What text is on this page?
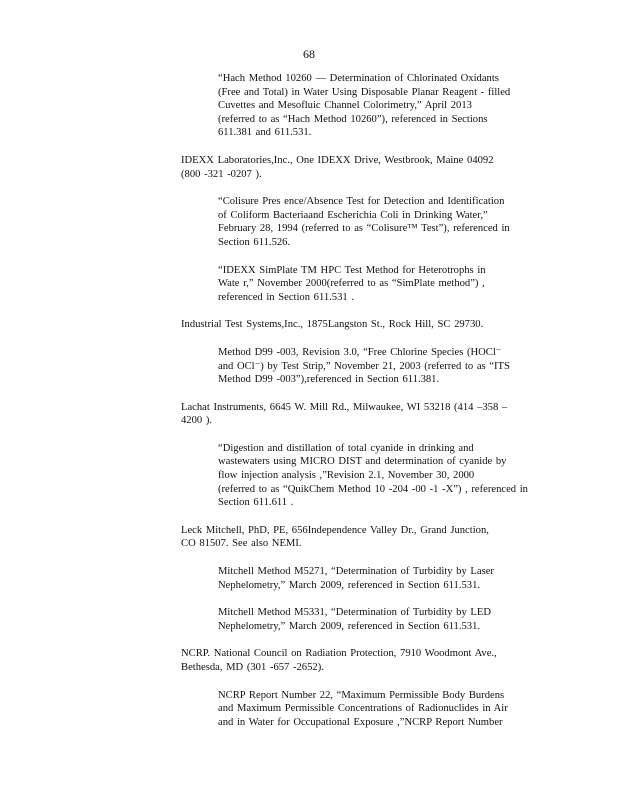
68

“Hach Method 10260 — Determination of Chlorinated Oxidants
(Free and Total) in Water Using Disposable Planar Reagent - filled
Cuvettes and Mesofluic Channel Colorimetry,” April 2013
(referred to as “Hach Method 10260”), referenced in Sections
611.381 and 611.531.

IDEXX Laboratories,Inc., One IDEXX Drive, Westbrook, Maine 04092
(800 -321 -0207 ).

“Colisure Pres ence/Absence Test for Detection and Identification
of Coliform Bacteriaand Escherichia Coli in Drinking Water,”
February 28, 1994 (referred to as “Colisure™ Test”), referenced in
Section 611.526.

“IDEXX SimPlate TM HPC Test Method for Heterotrophs in
Wate r,” November 2000(referred to as “SimPlate method”) ,
referenced in Section 611.531 .

Industrial Test Systems,Inc., 1875Langston St., Rock Hill, SC 29730.

Method D99 -003, Revision 3.0, “Free Chlorine Species (HOCl⁻
and OCl⁻) by Test Strip,” November 21, 2003 (referred to as “ITS
Method D99 -003”),referenced in Section 611.381.

Lachat Instruments, 6645 W. Mill Rd., Milwaukee, WI 53218 (414 –358 –
4200 ).

“Digestion and distillation of total cyanide in drinking and
wastewaters using MICRO DIST and determination of cyanide by
flow injection analysis ,”Revision 2.1, November 30, 2000
(referred to as “QuikChem Method 10 -204 -00 -1 -X”) , referenced in
Section 611.611 .

Leck Mitchell, PhD, PE, 656Independence Valley Dr., Grand Junction,
CO 81507. See also NEMI.

Mitchell Method M5271, “Determination of Turbidity by Laser
Nephelometry,” March 2009, referenced in Section 611.531.

Mitchell Method M5331, “Determination of Turbidity by LED
Nephelometry,” March 2009, referenced in Section 611.531.

NCRP. National Council on Radiation Protection, 7910 Woodmont Ave.,
Bethesda, MD (301 -657 -2652).

NCRP Report Number 22, “Maximum Permissible Body Burdens
and Maximum Permissible Concentrations of Radionuclides in Air
and in Water for Occupational Exposure ,”NCRP Report Number
